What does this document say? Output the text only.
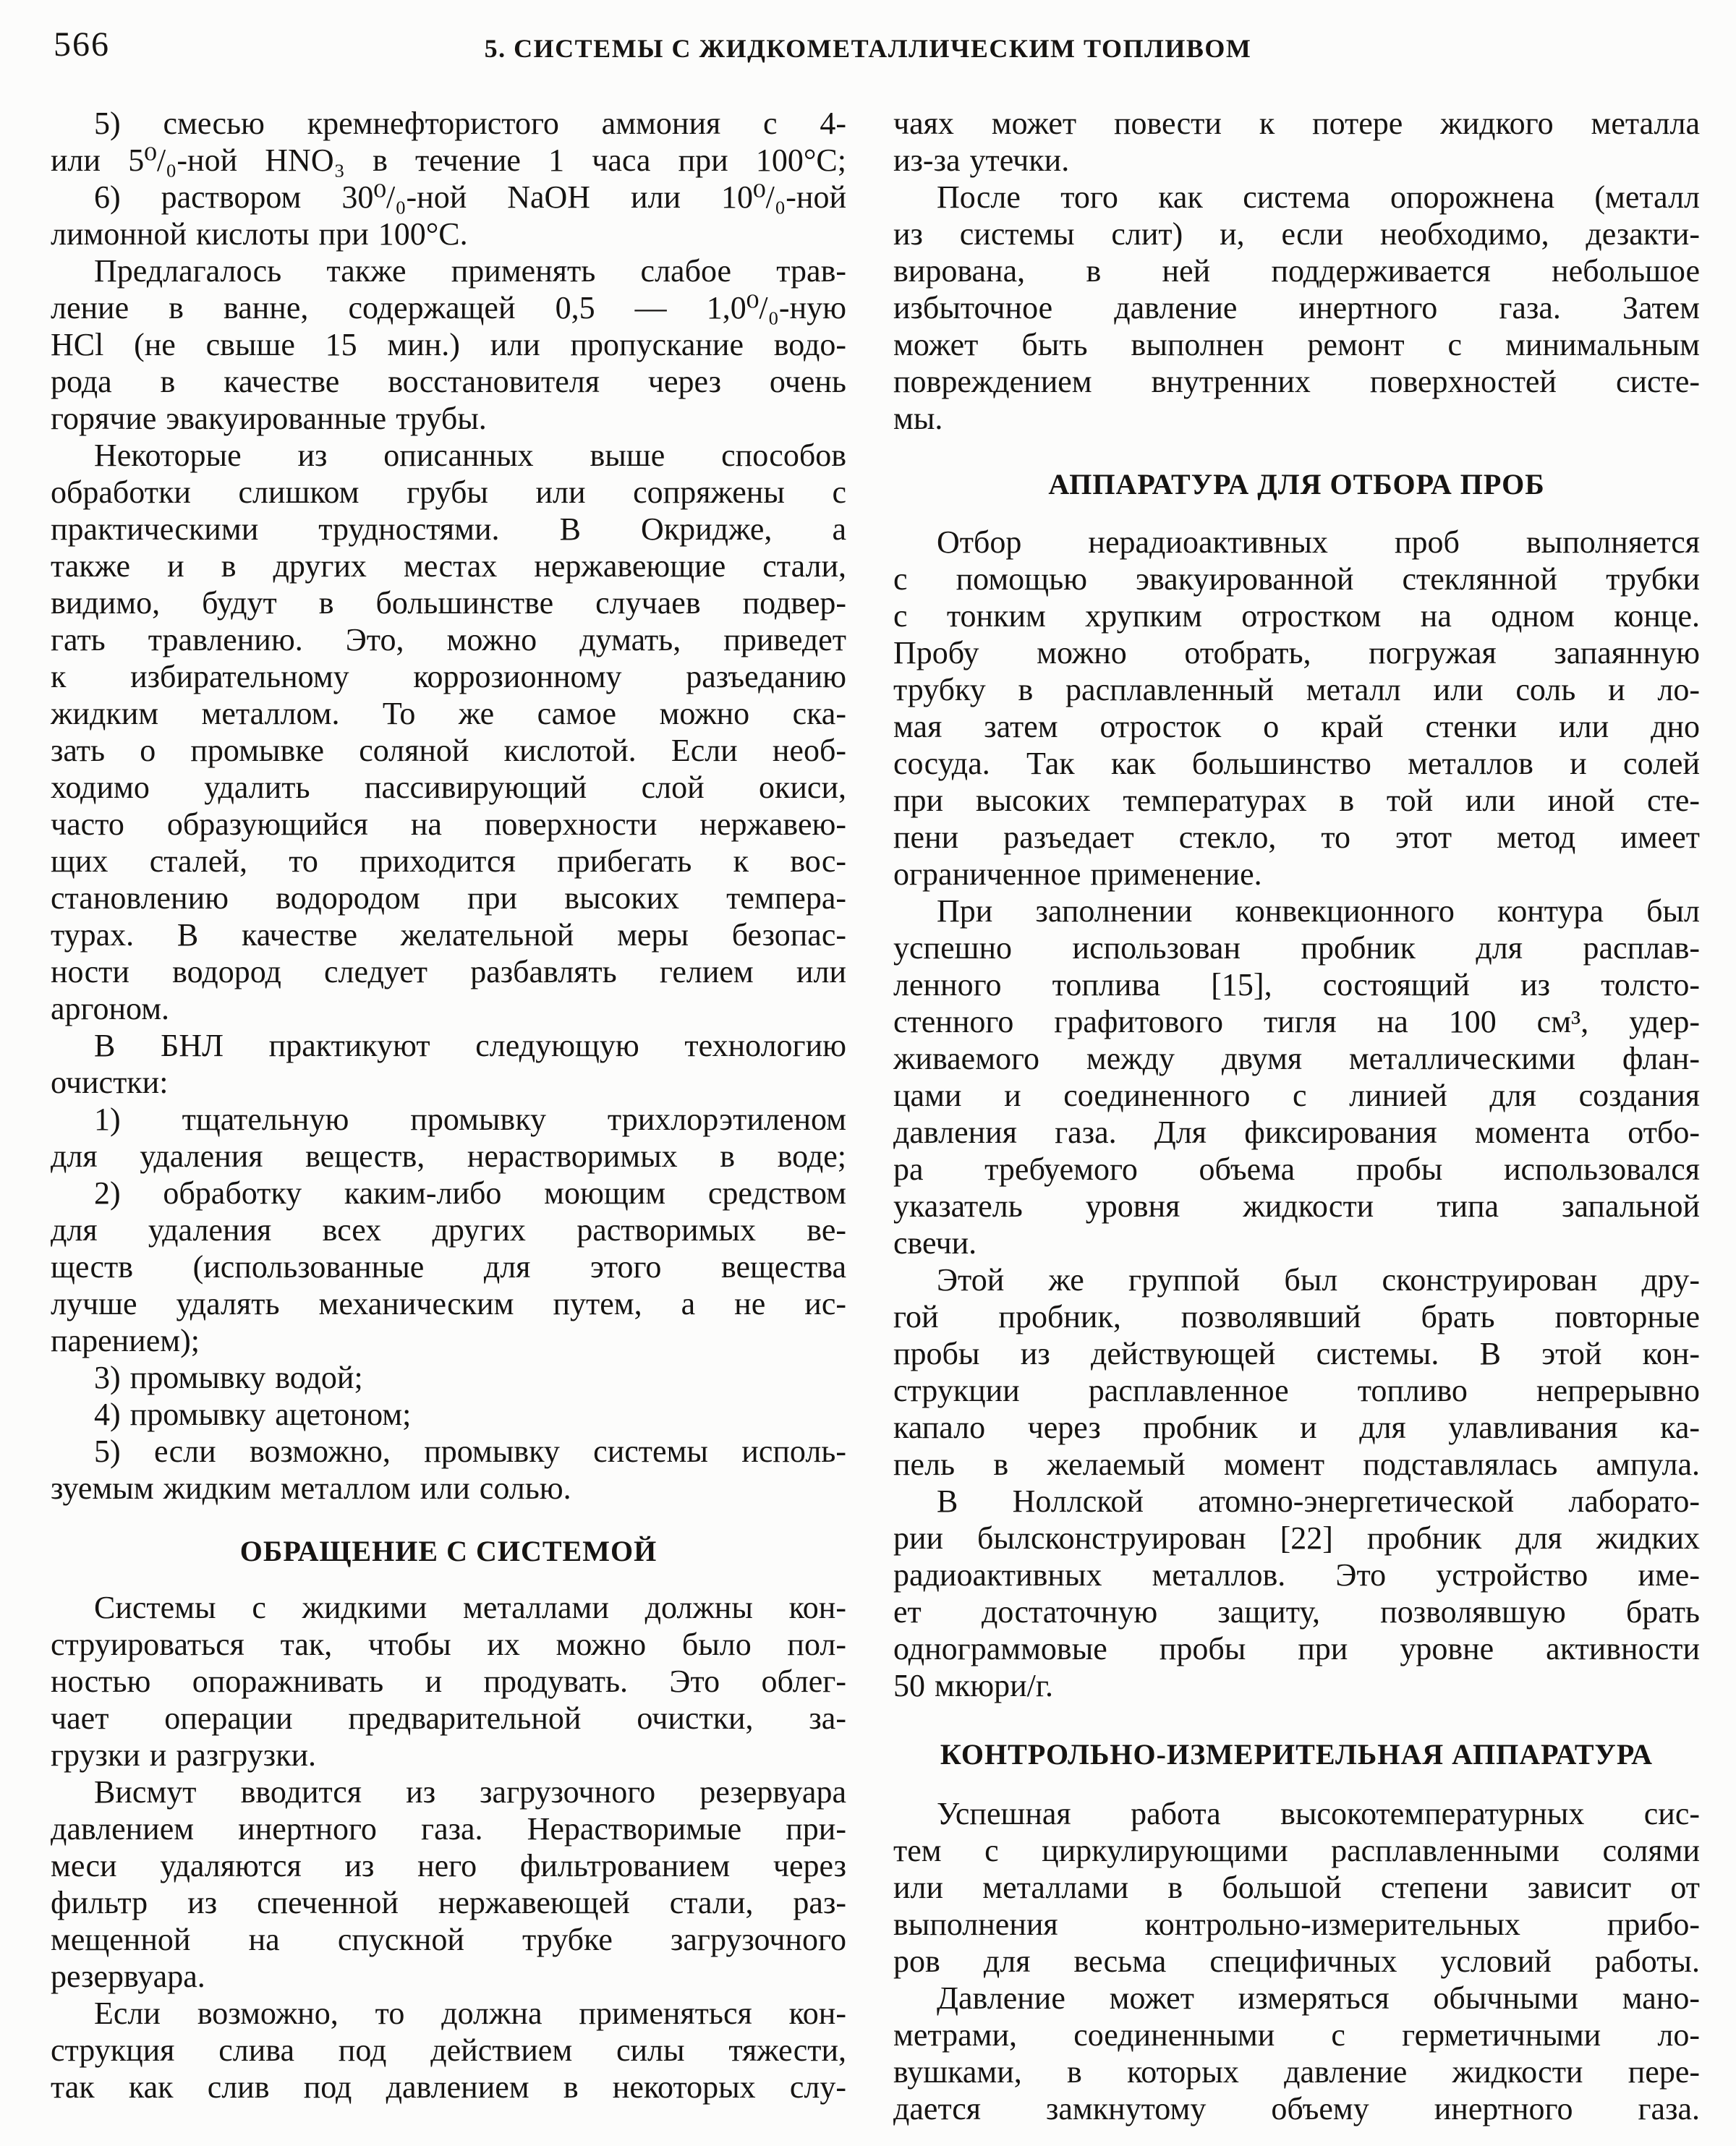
566	5. СИСТЕМЫ С ЖИДКОМЕТАЛЛИЧЕСКИМ ТОПЛИВОМ
5) смесью кремнефтористого аммония с 4-
или 5⁰/₀-ной HNO₃ в течение 1 часа при 100°С;
6) раствором 30⁰/₀-ной NaOH или 10⁰/₀-ной
лимонной кислоты при 100°С.
Предлагалось также применять слабое трав-
ление в ванне, содержащей 0,5 — 1,0⁰/₀-ную
HCl (не свыше 15 мин.) или пропускание водо-
рода в качестве восстановителя через очень
горячие эвакуированные трубы.
Некоторые из описанных выше способов
обработки слишком грубы или сопряжены с
практическими трудностями. В Окридже, а
также и в других местах нержавеющие стали,
видимо, будут в большинстве случаев подвер-
гать травлению. Это, можно думать, приведет
к избирательному коррозионному разъеданию
жидким металлом. То же самое можно ска-
зать о промывке соляной кислотой. Если необ-
ходимо удалить пассивирующий слой окиси,
часто образующийся на поверхности нержавею-
щих сталей, то приходится прибегать к вос-
становлению водородом при высоких темпера-
турах. В качестве желательной меры безопас-
ности водород следует разбавлять гелием или
аргоном.
В БНЛ практикуют следующую технологию
очистки:
1) тщательную промывку трихлорэтиленом
для удаления веществ, нерастворимых в воде;
2) обработку каким-либо моющим средством
для удаления всех других растворимых ве-
ществ (использованные для этого вещества
лучше удалять механическим путем, а не ис-
парением);
3) промывку водой;
4) промывку ацетоном;
5) если возможно, промывку системы исполь-
зуемым жидким металлом или солью.
ОБРАЩЕНИЕ С СИСТЕМОЙ
Системы с жидкими металлами должны кон-
струироваться так, чтобы их можно было пол-
ностью опоражнивать и продувать. Это облег-
чает операции предварительной очистки, за-
грузки и разгрузки.
Висмут вводится из загрузочного резервуара
давлением инертного газа. Нерастворимые при-
меси удаляются из него фильтрованием через
фильтр из спеченной нержавеющей стали, раз-
мещенной на спускной трубке загрузочного
резервуара.
Если возможно, то должна применяться кон-
струкция слива под действием силы тяжести,
так как слив под давлением в некоторых слу-
чаях может повести к потере жидкого металла
из-за утечки.
После того как система опорожнена (металл
из системы слит) и, если необходимо, дезакти-
вирована, в ней поддерживается небольшое
избыточное давление инертного газа. Затем
может быть выполнен ремонт с минимальным
повреждением внутренних поверхностей систе-
мы.
АППАРАТУРА ДЛЯ ОТБОРА ПРОБ
Отбор нерадиоактивных проб выполняется
с помощью эвакуированной стеклянной трубки
с тонким хрупким отростком на одном конце.
Пробу можно отобрать, погружая запаянную
трубку в расплавленный металл или соль и ло-
мая затем отросток о край стенки или дно
сосуда. Так как большинство металлов и солей
при высоких температурах в той или иной сте-
пени разъедает стекло, то этот метод имеет
ограниченное применение.
При заполнении конвекционного контура был
успешно использован пробник для расплав-
ленного топлива [15], состоящий из толсто-
стенного графитового тигля на 100 см³, удер-
живаемого между двумя металлическими флан-
цами и соединенного с линией для создания
давления газа. Для фиксирования момента отбо-
ра требуемого объема пробы использовался
указатель уровня жидкости типа запальной
свечи.
Этой же группой был сконструирован дру-
гой пробник, позволявший брать повторные
пробы из действующей системы. В этой кон-
струкции расплавленное топливо непрерывно
капало через пробник и для улавливания ка-
пель в желаемый момент подставлялась ампула.
В Ноллской атомно-энергетической лаборато-
рии былсконструирован [22] пробник для жидких
радиоактивных металлов. Это устройство име-
ет достаточную защиту, позволявшую брать
однограммовые пробы при уровне активности
50 мкюри/г.
КОНТРОЛЬНО-ИЗМЕРИТЕЛЬНАЯ АППАРАТУРА
Успешная работа высокотемпературных сис-
тем с циркулирующими расплавленными солями
или металлами в большой степени зависит от
выполнения контрольно-измерительных прибо-
ров для весьма специфичных условий работы.
Давление может измеряться обычными мано-
метрами, соединенными с герметичными ло-
вушками, в которых давление жидкости пере-
дается замкнутому объему инертного газа.
